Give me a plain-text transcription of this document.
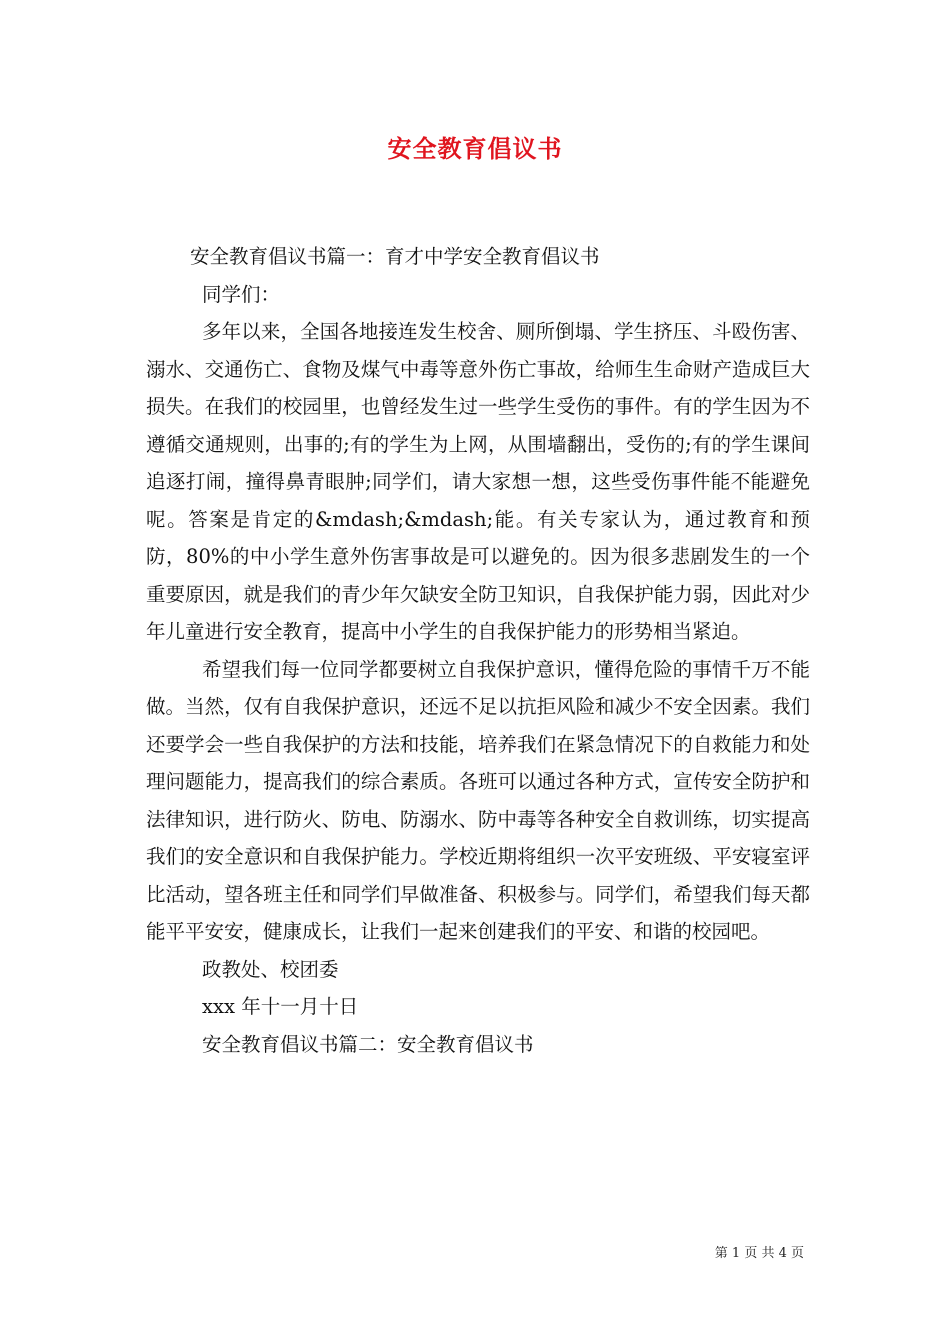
安全教育倡议书

安全教育倡议书篇一：育才中学安全教育倡议书

同学们：

多年以来，全国各地接连发生校舍、厕所倒塌、学生挤压、斗殴伤害、溺水、交通伤亡、食物及煤气中毒等意外伤亡事故，给师生生命财产造成巨大损失。在我们的校园里，也曾经发生过一些学生受伤的事件。有的学生因为不遵循交通规则，出事的;有的学生为上网，从围墙翻出，受伤的;有的学生课间追逐打闹，撞得鼻青眼肿;同学们，请大家想一想，这些受伤事件能不能避免呢。答案是肯定的&mdash;&mdash;能。有关专家认为，通过教育和预防，80%的中小学生意外伤害事故是可以避免的。因为很多悲剧发生的一个重要原因，就是我们的青少年欠缺安全防卫知识，自我保护能力弱，因此对少年儿童进行安全教育，提高中小学生的自我保护能力的形势相当紧迫。

希望我们每一位同学都要树立自我保护意识，懂得危险的事情千万不能做。当然，仅有自我保护意识，还远不足以抗拒风险和减少不安全因素。我们还要学会一些自我保护的方法和技能，培养我们在紧急情况下的自救能力和处理问题能力，提高我们的综合素质。各班可以通过各种方式，宣传安全防护和法律知识，进行防火、防电、防溺水、防中毒等各种安全自救训练，切实提高我们的安全意识和自我保护能力。学校近期将组织一次平安班级、平安寝室评比活动，望各班主任和同学们早做准备、积极参与。同学们，希望我们每天都能平平安安，健康成长，让我们一起来创建我们的平安、和谐的校园吧。

政教处、校团委

xxx 年十一月十日

安全教育倡议书篇二：安全教育倡议书

第 1 页 共 4 页
